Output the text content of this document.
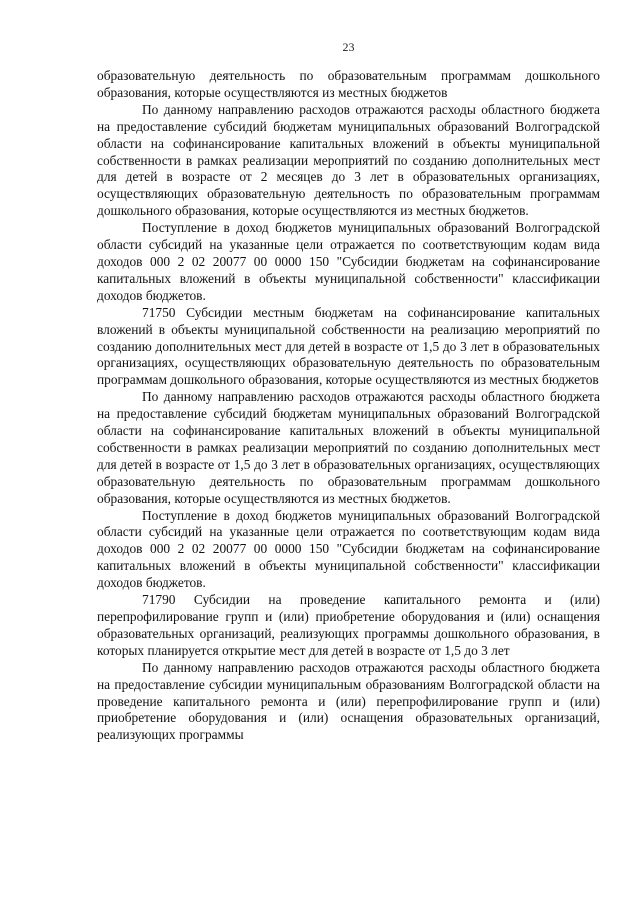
23

образовательную деятельность по образовательным программам дошкольного образования, которые осуществляются из местных бюджетов

По данному направлению расходов отражаются расходы областного бюджета на предоставление субсидий бюджетам муниципальных образований Волгоградской области на софинансирование капитальных вложений в объекты муниципальной собственности в рамках реализации мероприятий по созданию дополнительных мест для детей в возрасте от 2 месяцев до 3 лет в образовательных организациях, осуществляющих образовательную деятельность по образовательным программам дошкольного образования, которые осуществляются из местных бюджетов.

Поступление в доход бюджетов муниципальных образований Волгоградской области субсидий на указанные цели отражается по соответствующим кодам вида доходов 000 2 02 20077 00 0000 150 "Субсидии бюджетам на софинансирование капитальных вложений в объекты муниципальной собственности" классификации доходов бюджетов.

71750 Субсидии местным бюджетам на софинансирование капитальных вложений в объекты муниципальной собственности на реализацию мероприятий по созданию дополнительных мест для детей в возрасте от 1,5 до 3 лет в образовательных организациях, осуществляющих образовательную деятельность по образовательным программам дошкольного образования, которые осуществляются из местных бюджетов

По данному направлению расходов отражаются расходы областного бюджета на предоставление субсидий бюджетам муниципальных образований Волгоградской области на софинансирование капитальных вложений в объекты муниципальной собственности в рамках реализации мероприятий по созданию дополнительных мест для детей в возрасте от 1,5 до 3 лет в образовательных организациях, осуществляющих образовательную деятельность по образовательным программам дошкольного образования, которые осуществляются из местных бюджетов.

Поступление в доход бюджетов муниципальных образований Волгоградской области субсидий на указанные цели отражается по соответствующим кодам вида доходов 000 2 02 20077 00 0000 150 "Субсидии бюджетам на софинансирование капитальных вложений в объекты муниципальной собственности" классификации доходов бюджетов.

71790 Субсидии на проведение капитального ремонта и (или) перепрофилирование групп и (или) приобретение оборудования и (или) оснащения образовательных организаций, реализующих программы дошкольного образования, в которых планируется открытие мест для детей в возрасте от 1,5 до 3 лет

По данному направлению расходов отражаются расходы областного бюджета на предоставление субсидии муниципальным образованиям Волгоградской области на проведение капитального ремонта и (или) перепрофилирование групп и (или) приобретение оборудования и (или) оснащения образовательных организаций, реализующих программы
